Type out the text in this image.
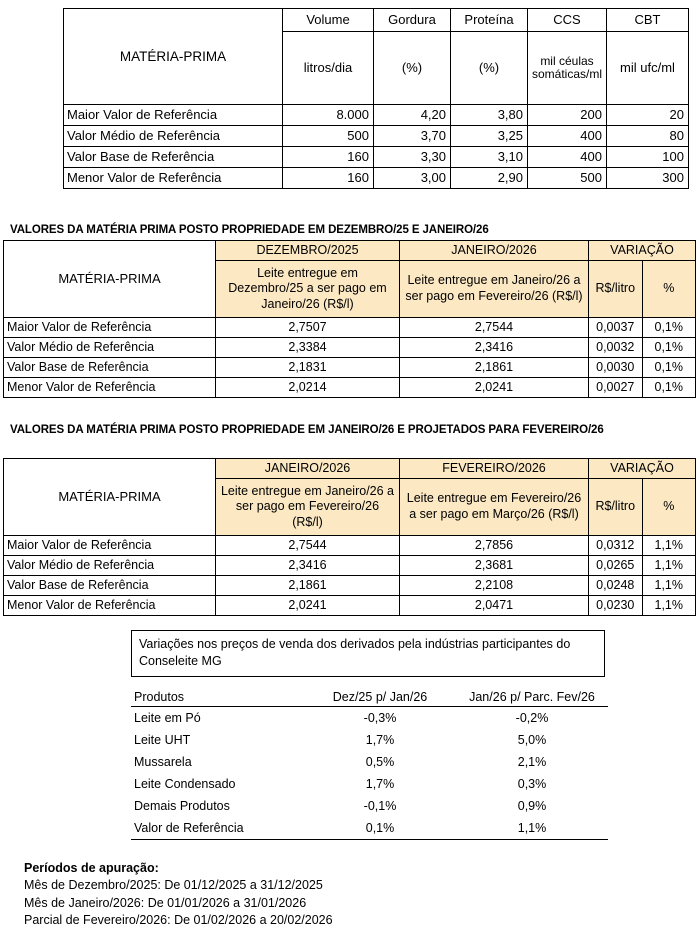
MATÉRIA-PRIMA	Volume	Gordura	Proteína	CCS	CBT
	litros/dia	(%)	(%)	mil céulas somáticas/ml	mil ufc/ml
Maior Valor de Referência	8.000	4,20	3,80	200	20
Valor Médio de Referência	500	3,70	3,25	400	80
Valor Base de Referência	160	3,30	3,10	400	100
Menor Valor de Referência	160	3,00	2,90	500	300
VALORES DA MATÉRIA PRIMA POSTO PROPRIEDADE EM DEZEMBRO/25 E JANEIRO/26
MATÉRIA-PRIMA	DEZEMBRO/2025	JANEIRO/2026	VARIAÇÃO	
	Leite entregue em Dezembro/25 a ser pago em Janeiro/26 (R$/l)	Leite entregue em Janeiro/26 a ser pago em Fevereiro/26 (R$/l)	R$/litro	%
Maior Valor de Referência	2,7507	2,7544	0,0037	0,1%
Valor Médio de Referência	2,3384	2,3416	0,0032	0,1%
Valor Base de Referência	2,1831	2,1861	0,0030	0,1%
Menor Valor de Referência	2,0214	2,0241	0,0027	0,1%
VALORES DA MATÉRIA PRIMA POSTO PROPRIEDADE EM JANEIRO/26 E PROJETADOS PARA FEVEREIRO/26
MATÉRIA-PRIMA	JANEIRO/2026	FEVEREIRO/2026	VARIAÇÃO	
	Leite entregue em Janeiro/26 a ser pago em Fevereiro/26 (R$/l)	Leite entregue em Fevereiro/26 a ser pago em Março/26 (R$/l)	R$/litro	%
Maior Valor de Referência	2,7544	2,7856	0,0312	1,1%
Valor Médio de Referência	2,3416	2,3681	0,0265	1,1%
Valor Base de Referência	2,1861	2,2108	0,0248	1,1%
Menor Valor de Referência	2,0241	2,0471	0,0230	1,1%
Variações nos preços de venda dos derivados pela indústrias participantes do Conseleite MG
Produtos	Dez/25 p/ Jan/26	Jan/26 p/ Parc. Fev/26
Leite em Pó	-0,3%	-0,2%
Leite UHT	1,7%	5,0%
Mussarela	0,5%	2,1%
Leite Condensado	1,7%	0,3%
Demais Produtos	-0,1%	0,9%
Valor de Referência	0,1%	1,1%
Períodos de apuração:
Mês de Dezembro/2025: De 01/12/2025 a 31/12/2025
Mês de Janeiro/2026: De 01/01/2026 a 31/01/2026
Parcial de Fevereiro/2026: De 01/02/2026 a 20/02/2026
